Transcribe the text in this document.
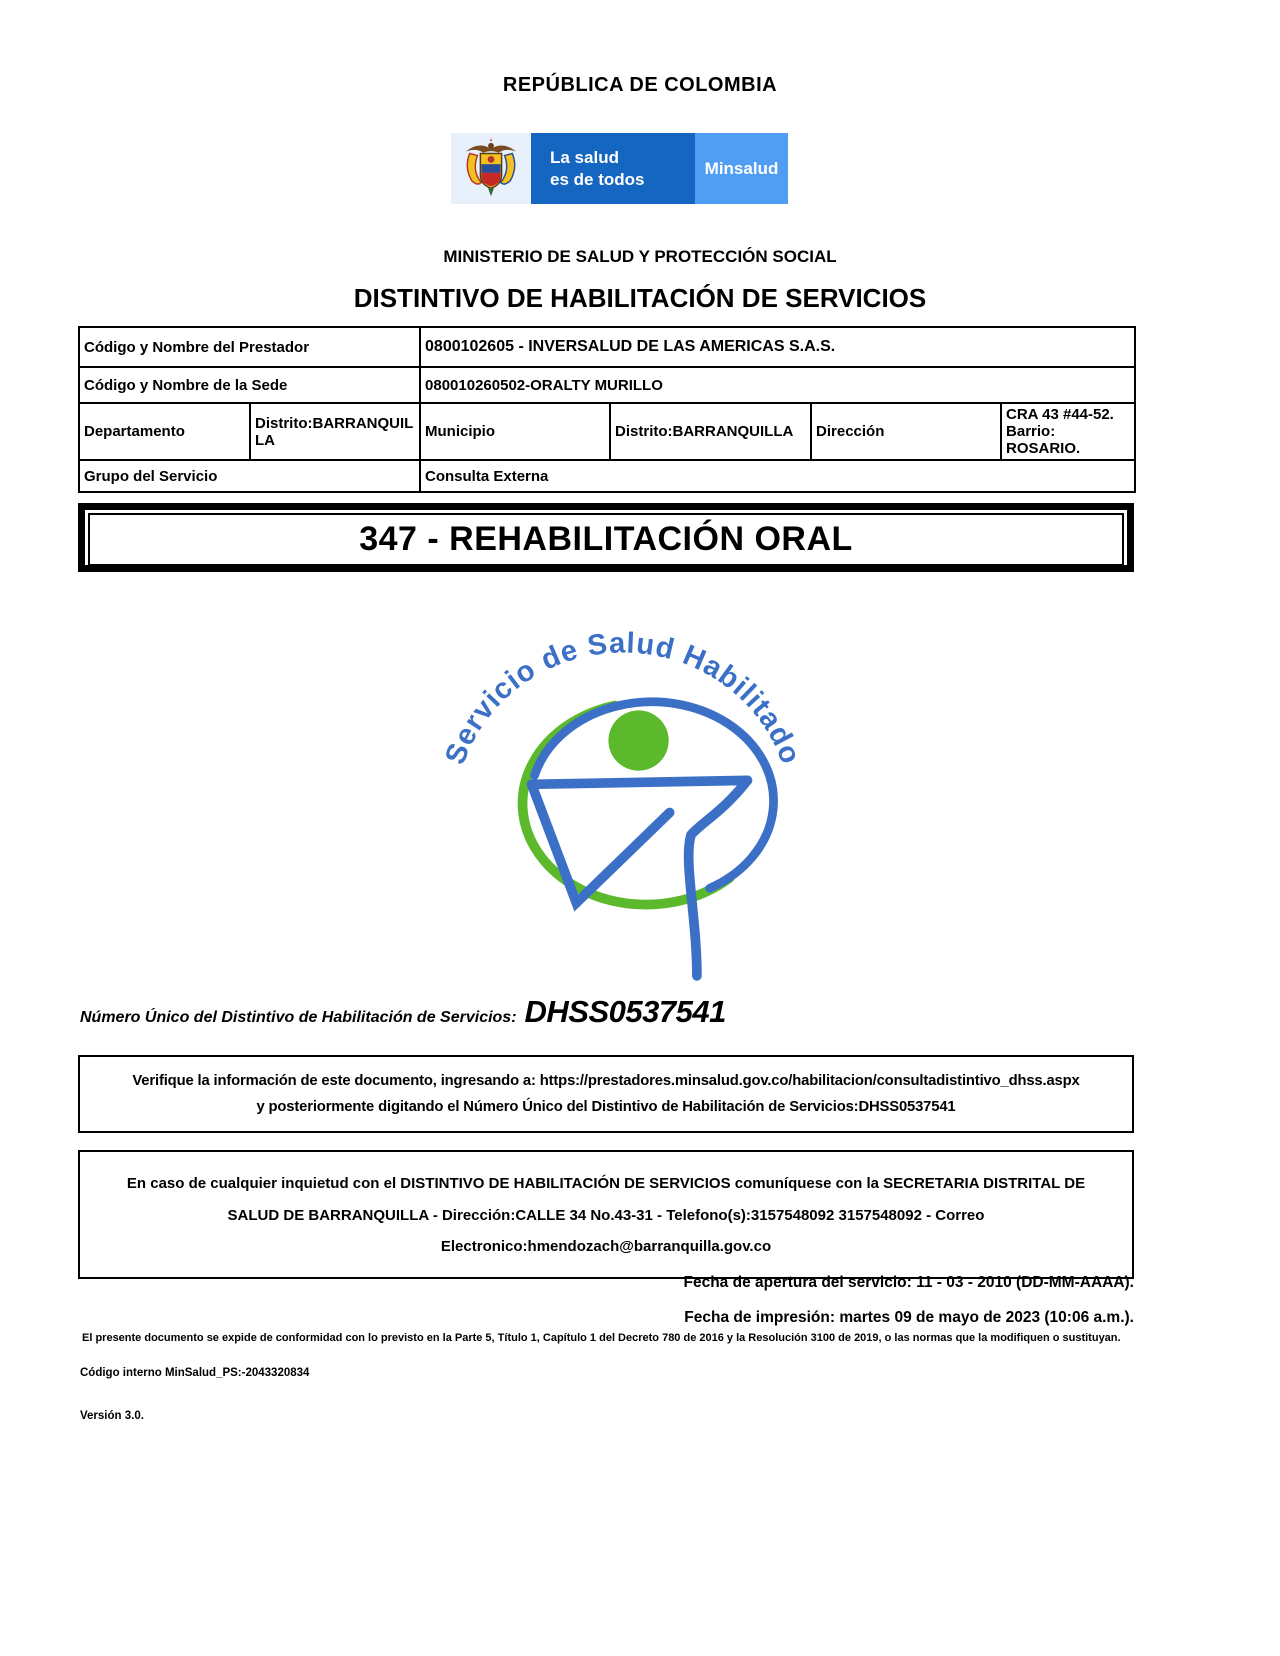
REPÚBLICA DE COLOMBIA
La salud
es de todos
Minsalud
MINISTERIO DE SALUD Y PROTECCIÓN SOCIAL
DISTINTIVO DE HABILITACIÓN DE SERVICIOS
Código y Nombre del Prestador		0800102605 - INVERSALUD DE LAS AMERICAS S.A.S.			
Código y Nombre de la Sede		080010260502-ORALTY MURILLO			
Departamento	Distrito:BARRANQUILLA	Municipio	Distrito:BARRANQUILLA	Dirección	CRA 43 #44-52. Barrio: ROSARIO.
Grupo del Servicio		Consulta Externa			
347 - REHABILITACIÓN ORAL
Servicio de Salud Habilitado
Número Único del Distintivo de Habilitación de Servicios: DHSS0537541
Verifique la información de este documento, ingresando a: https://prestadores.minsalud.gov.co/habilitacion/consultadistintivo_dhss.aspx
y posteriormente digitando el Número Único del Distintivo de Habilitación de Servicios:DHSS0537541
En caso de cualquier inquietud con el DISTINTIVO DE HABILITACIÓN DE SERVICIOS comuníquese con la SECRETARIA DISTRITAL DE
SALUD DE BARRANQUILLA - Dirección:CALLE 34 No.43-31 - Telefono(s):3157548092 3157548092 - Correo
Electronico:hmendozach@barranquilla.gov.co
Fecha de apertura del servicio: 11 - 03 - 2010 (DD-MM-AAAA).
Fecha de impresión: martes 09 de mayo de 2023 (10:06 a.m.).
El presente documento se expide de conformidad con lo previsto en la Parte 5, Título 1, Capítulo 1 del Decreto 780 de 2016 y la Resolución 3100 de 2019, o las normas que la modifiquen o sustituyan.
Código interno MinSalud_PS:-2043320834
Versión 3.0.
